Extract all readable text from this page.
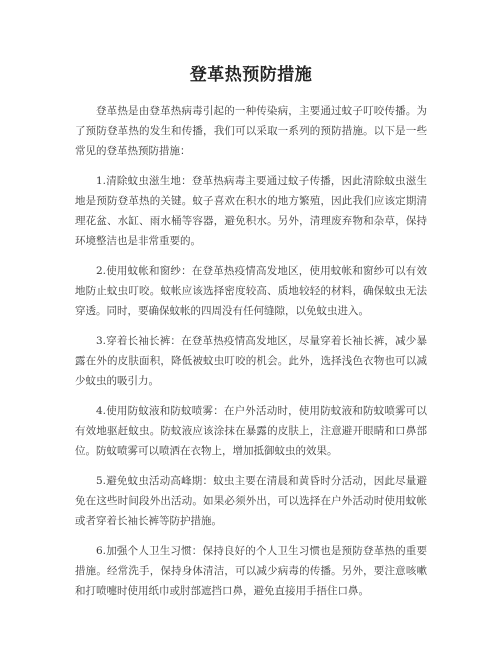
登革热预防措施

登革热是由登革热病毒引起的一种传染病，主要通过蚊子叮咬传播。为了预防登革热的发生和传播，我们可以采取一系列的预防措施。以下是一些常见的登革热预防措施：

1.清除蚊虫滋生地：登革热病毒主要通过蚊子传播，因此清除蚊虫滋生地是预防登革热的关键。蚊子喜欢在积水的地方繁殖，因此我们应该定期清理花盆、水缸、雨水桶等容器，避免积水。另外，清理废弃物和杂草，保持环境整洁也是非常重要的。

2.使用蚊帐和窗纱：在登革热疫情高发地区，使用蚊帐和窗纱可以有效地防止蚊虫叮咬。蚊帐应该选择密度较高、质地较轻的材料，确保蚊虫无法穿透。同时，要确保蚊帐的四周没有任何缝隙，以免蚊虫进入。

3.穿着长袖长裤：在登革热疫情高发地区，尽量穿着长袖长裤，减少暴露在外的皮肤面积，降低被蚊虫叮咬的机会。此外，选择浅色衣物也可以减少蚊虫的吸引力。

4.使用防蚊液和防蚊喷雾：在户外活动时，使用防蚊液和防蚊喷雾可以有效地驱赶蚊虫。防蚊液应该涂抹在暴露的皮肤上，注意避开眼睛和口鼻部位。防蚊喷雾可以喷洒在衣物上，增加抵御蚊虫的效果。

5.避免蚊虫活动高峰期：蚊虫主要在清晨和黄昏时分活动，因此尽量避免在这些时间段外出活动。如果必须外出，可以选择在户外活动时使用蚊帐或者穿着长袖长裤等防护措施。

6.加强个人卫生习惯：保持良好的个人卫生习惯也是预防登革热的重要措施。经常洗手，保持身体清洁，可以减少病毒的传播。另外，要注意咳嗽和打喷嚏时使用纸巾或肘部遮挡口鼻，避免直接用手捂住口鼻。
